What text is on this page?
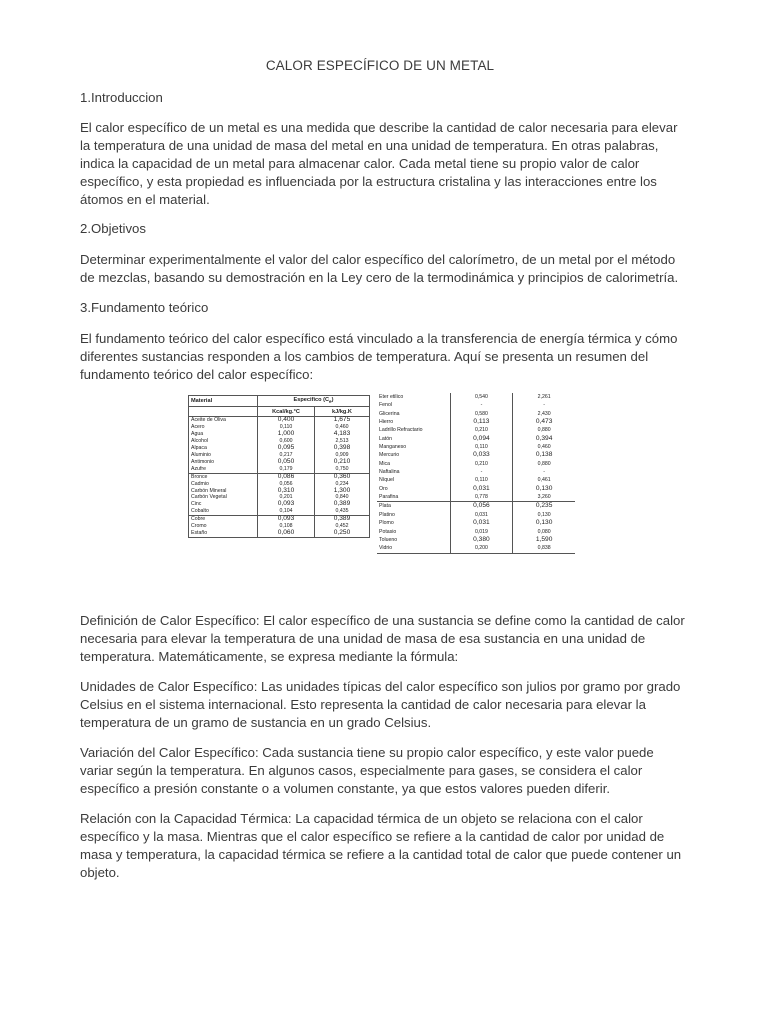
CALOR ESPECÍFICO DE UN METAL

1.Introduccion

El calor específico de un metal es una medida que describe la cantidad de calor necesaria para elevar la temperatura de una unidad de masa del metal en una unidad de temperatura. En otras palabras, indica la capacidad de un metal para almacenar calor. Cada metal tiene su propio valor de calor específico, y esta propiedad es influenciada por la estructura cristalina y las interacciones entre los átomos en el material.

2.Objetivos

Determinar experimentalmente el valor del calor específico del calorímetro, de un metal por el método de mezclas, basando su demostración en la Ley cero de la termodinámica y principios de calorimetría.

3.Fundamento teórico

El fundamento teórico del calor específico está vinculado a la transferencia de energía térmica y cómo diferentes sustancias responden a los cambios de temperatura. Aquí se presenta un resumen del fundamento teórico del calor específico:

Material	Especifico $(C_e)$	
	Kcal/kg.°C	kJ/kg.K
Aceite de Oliva	0,400	1,675
Acero	0,110	0,460
Agua	1,000	4,183
Alcohol	0,600	2,513
Alpaca	0,095	0,398
Aluminio	0,217	0,909
Antimonio	0,050	0,210
Azufre	0,179	0,750
Bronce	0,086	0,360
Cadmio	0,056	0,234
Carbón Mineral	0,310	1,300
Carbón Vegetal	0,201	0,840
Cinc	0,093	0,389
Cobalto	0,104	0,435
Cobre	0,093	0,389
Cromo	0,108	0,452
Estaño	0,060	0,250
Eter etilico	0,540	2,261
Fenol	-	-
Glicerina	0,580	2,430
Hierro	0,113	0,473
Ladrillo Refractario	0,210	0,880
Latón	0,094	0,394
Manganeso	0,110	0,460
Mercurio	0,033	0,138
Mica	0,210	0,880
Naftalina	-	-
Níquel	0,110	0,461
Oro	0,031	0,130
Parafina	0,778	3,260
Plata	0,056	0,235
Platino	0,031	0,130
Plomo	0,031	0,130
Potasio	0,019	0,080
Tolueno	0,380	1,590
Vidrio	0,200	0,838

Definición de Calor Específico: El calor específico de una sustancia se define como la cantidad de calor necesaria para elevar la temperatura de una unidad de masa de esa sustancia en una unidad de temperatura. Matemáticamente, se expresa mediante la fórmula:

Unidades de Calor Específico: Las unidades típicas del calor específico son julios por gramo por grado Celsius en el sistema internacional. Esto representa la cantidad de calor necesaria para elevar la temperatura de un gramo de sustancia en un grado Celsius.

Variación del Calor Específico: Cada sustancia tiene su propio calor específico, y este valor puede variar según la temperatura. En algunos casos, especialmente para gases, se considera el calor específico a presión constante o a volumen constante, ya que estos valores pueden diferir.

Relación con la Capacidad Térmica: La capacidad térmica de un objeto se relaciona con el calor específico y la masa. Mientras que el calor específico se refiere a la cantidad de calor por unidad de masa y temperatura, la capacidad térmica se refiere a la cantidad total de calor que puede contener un objeto.
